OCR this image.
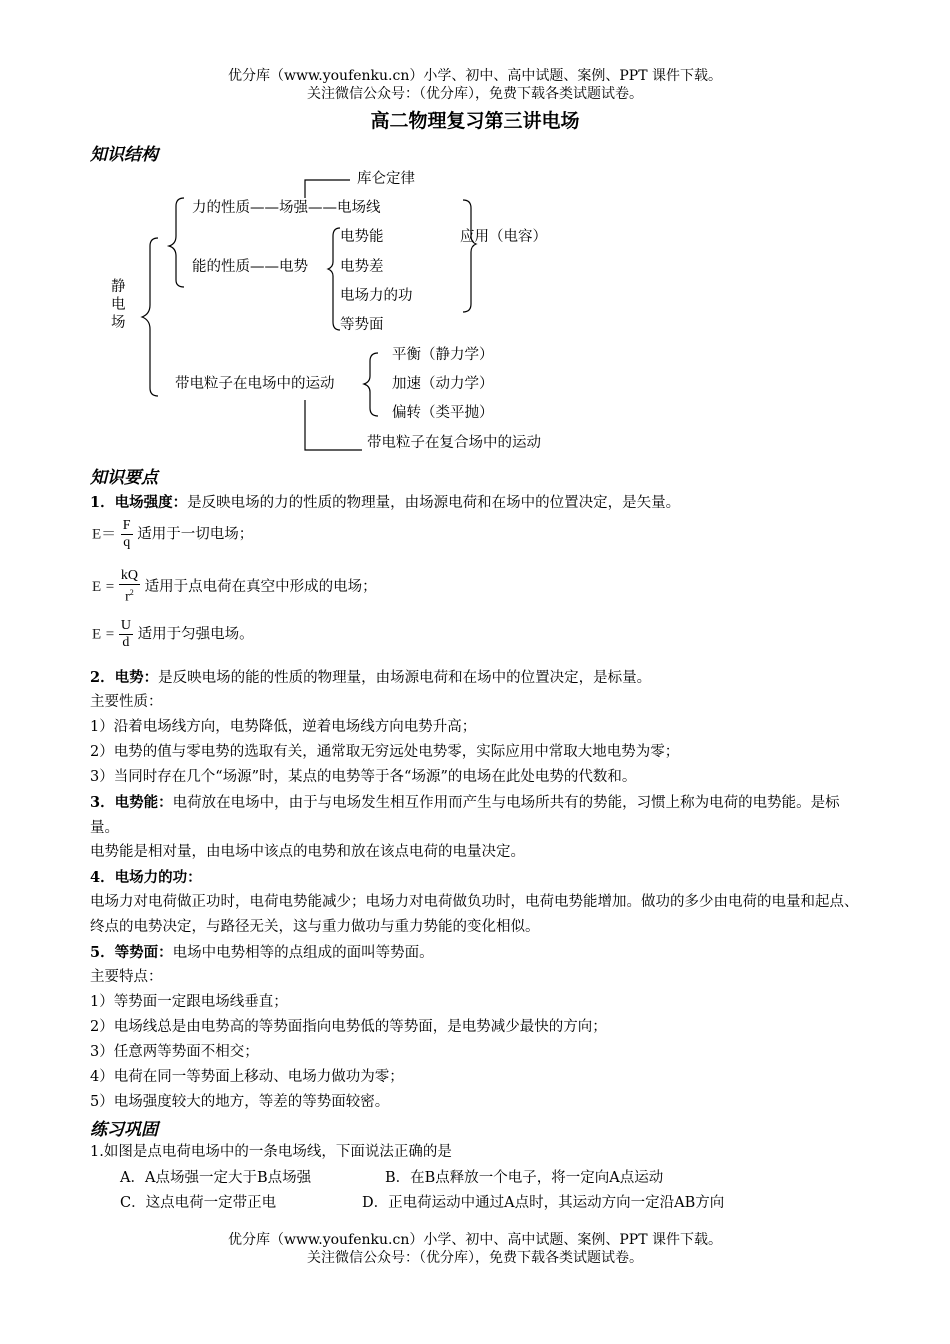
优分库（www.youfenku.cn）小学、初中、高中试题、案例、PPT 课件下载。
关注微信公众号：（优分库），免费下载各类试题试卷。
高二物理复习第三讲电场
知识结构
静
电
场
库仑定律
力的性质——场强——电场线
能的性质——电势
电势能
电势差
电场力的功
等势面
应用（电容）
带电粒子在电场中的运动
平衡（静力学）
加速（动力学）
偏转（类平抛）
带电粒子在复合场中的运动
知识要点
1．电场强度：是反映电场的力的性质的物理量，由场源电荷和在场中的位置决定，是矢量。
$E= \frac{F}{q}$ 适用于一切电场；
$E = \frac{kQ}{r^2}$ 适用于点电荷在真空中形成的电场；
$E = \frac{U}{d}$ 适用于匀强电场。
2．电势：是反映电场的能的性质的物理量，由场源电荷和在场中的位置决定，是标量。
主要性质：
1）沿着电场线方向，电势降低，逆着电场线方向电势升高；
2）电势的值与零电势的选取有关，通常取无穷远处电势零，实际应用中常取大地电势为零；
3）当同时存在几个“场源”时，某点的电势等于各“场源”的电场在此处电势的代数和。
3．电势能：电荷放在电场中，由于与电场发生相互作用而产生与电场所共有的势能，习惯上称为电荷的电势能。是标量。
电势能是相对量，由电场中该点的电势和放在该点电荷的电量决定。
4．电场力的功：
电场力对电荷做正功时，电荷电势能减少；电场力对电荷做负功时，电荷电势能增加。做功的多少由电荷的电量和起点、终点的电势决定，与路径无关，这与重力做功与重力势能的变化相似。
5．等势面：电场中电势相等的点组成的面叫等势面。
主要特点：
1）等势面一定跟电场线垂直；
2）电场线总是由电势高的等势面指向电势低的等势面，是电势减少最快的方向；
3）任意两等势面不相交；
4）电荷在同一等势面上移动、电场力做功为零；
5）电场强度较大的地方，等差的等势面较密。
练习巩固
1.如图是点电荷电场中的一条电场线，下面说法正确的是
A．A点场强一定大于B点场强	B．在B点释放一个电子，将一定向A点运动
C．这点电荷一定带正电	D．正电荷运动中通过A点时，其运动方向一定沿AB方向
优分库（www.youfenku.cn）小学、初中、高中试题、案例、PPT 课件下载。
关注微信公众号：（优分库），免费下载各类试题试卷。
